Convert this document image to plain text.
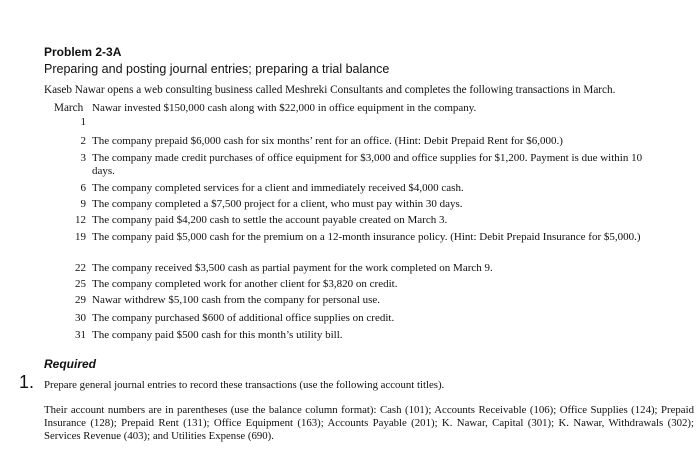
Problem 2-3A
Preparing and posting journal entries; preparing a trial balance
Kaseb Nawar opens a web consulting business called Meshreki Consultants and completes the following transactions in March.
March Nawar invested $150,000 cash along with $22,000 in office equipment in the company.
1
2 The company prepaid $6,000 cash for six months’ rent for an office. (Hint: Debit Prepaid Rent for $6,000.)
3 The company made credit purchases of office equipment for $3,000 and office supplies for $1,200. Payment is due within 10 days.
6 The company completed services for a client and immediately received $4,000 cash.
9 The company completed a $7,500 project for a client, who must pay within 30 days.
12 The company paid $4,200 cash to settle the account payable created on March 3.
19 The company paid $5,000 cash for the premium on a 12-month insurance policy. (Hint: Debit Prepaid Insurance for $5,000.)
22 The company received $3,500 cash as partial payment for the work completed on March 9.
25 The company completed work for another client for $3,820 on credit.
29 Nawar withdrew $5,100 cash from the company for personal use.
30 The company purchased $600 of additional office supplies on credit.
31 The company paid $500 cash for this month’s utility bill.
Required
1. Prepare general journal entries to record these transactions (use the following account titles).
Their account numbers are in parentheses (use the balance column format): Cash (101); Accounts Receivable (106); Office Supplies (124); Prepaid Insurance (128); Prepaid Rent (131); Office Equipment (163); Accounts Payable (201); K. Nawar, Capital (301); K. Nawar, Withdrawals (302); Services Revenue (403); and Utilities Expense (690).
